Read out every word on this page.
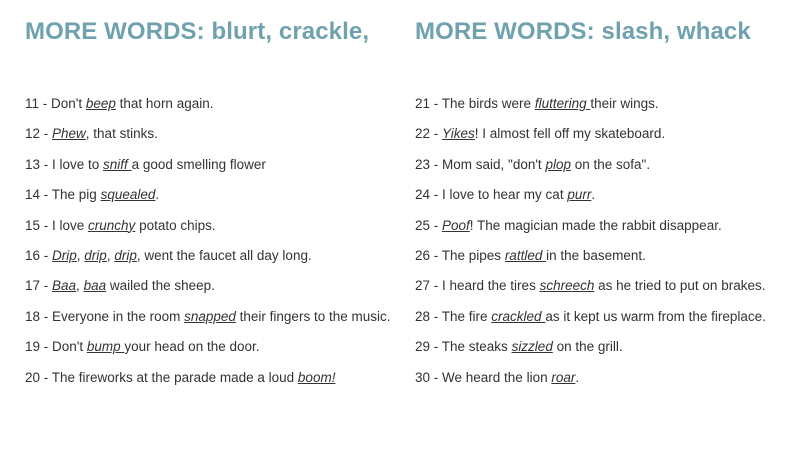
MORE WORDS: blurt, crackle,
11 - Don't beep that horn again.
12 - Phew, that stinks.
13 - I love to sniff a good smelling flower
14 - The pig squealed.
15 - I love crunchy potato chips.
16 - Drip, drip, drip, went the faucet all day long.
17 - Baa, baa wailed the sheep.
18 - Everyone in the room snapped their fingers to the music.
19 - Don't bump your head on the door.
20 - The fireworks at the parade made a loud boom!
MORE WORDS: slash, whack
21 - The birds were fluttering their wings.
22 - Yikes! I almost fell off my skateboard.
23 - Mom said, "don't plop on the sofa".
24 - I love to hear my cat purr.
25 - Poof! The magician made the rabbit disappear.
26 - The pipes rattled in the basement.
27 - I heard the tires schreech as he tried to put on brakes.
28 - The fire crackled as it kept us warm from the fireplace.
29 - The steaks sizzled on the grill.
30 - We heard the lion roar.
